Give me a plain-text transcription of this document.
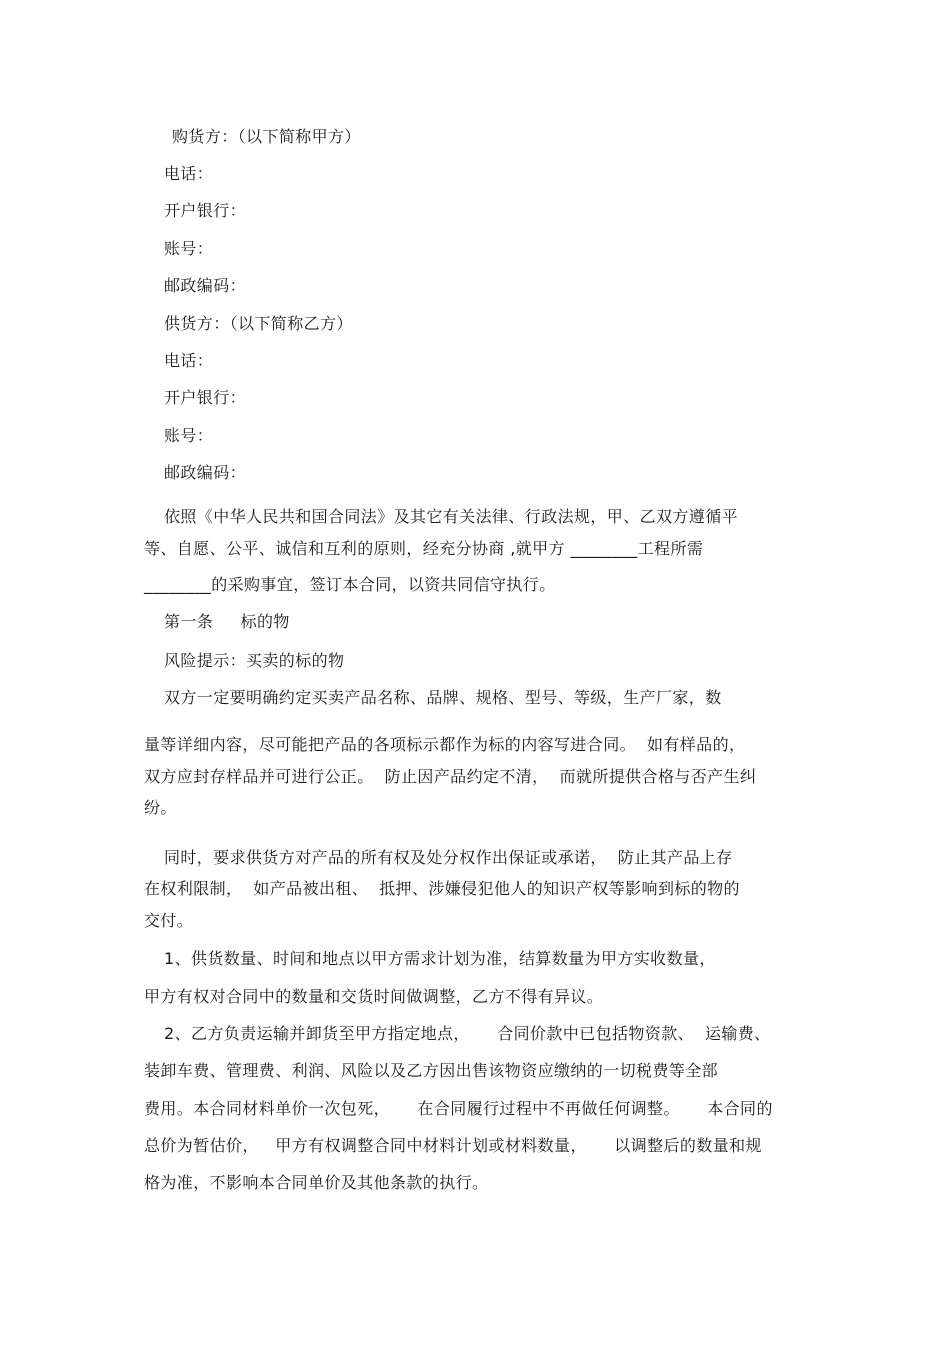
购货方：（以下简称甲方）
电话：
开户银行：
账号：
邮政编码：
供货方：（以下简称乙方）
电话：
开户银行：
账号：
邮政编码：
依照《中华人民共和国合同法》及其它有关法律、行政法规，甲、乙双方遵循平
等、自愿、公平、诚信和互利的原则，经充分协商 ,就甲方 ________工程所需
________的采购事宜，签订本合同，以资共同信守执行。
第一条     标的物
风险提示：买卖的标的物
双方一定要明确约定买卖产品名称、品牌、规格、型号、等级，生产厂家，数
量等详细内容，尽可能把产品的各项标示都作为标的内容写进合同。  如有样品的，
双方应封存样品并可进行公正。  防止因产品约定不清，  而就所提供合格与否产生纠
纷。
同时，要求供货方对产品的所有权及处分权作出保证或承诺，  防止其产品上存
在权利限制，  如产品被出租、  抵押、涉嫌侵犯他人的知识产权等影响到标的物的
交付。
1、供货数量、时间和地点以甲方需求计划为准，结算数量为甲方实收数量，
甲方有权对合同中的数量和交货时间做调整，乙方不得有异议。
2、乙方负责运输并卸货至甲方指定地点，     合同价款中已包括物资款、  运输费、
装卸车费、管理费、利润、风险以及乙方因出售该物资应缴纳的一切税费等全部
费用。本合同材料单价一次包死，     在合同履行过程中不再做任何调整。     本合同的
总价为暂估价，   甲方有权调整合同中材料计划或材料数量，     以调整后的数量和规
格为准，不影响本合同单价及其他条款的执行。
